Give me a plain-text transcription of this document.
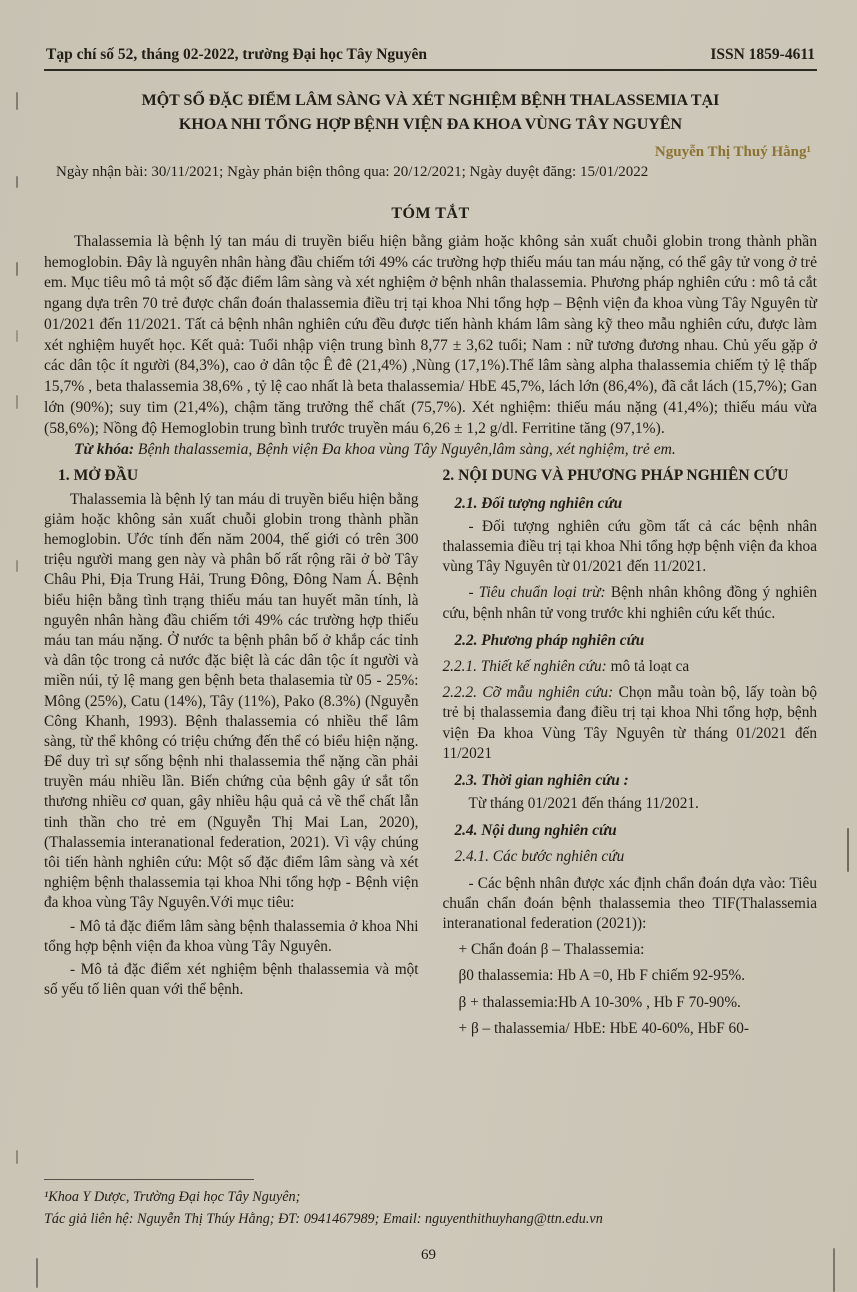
Tạp chí số 52, tháng 02-2022, trường Đại học Tây Nguyên	ISSN 1859-4611
MỘT SỐ ĐẶC ĐIỂM LÂM SÀNG VÀ XÉT NGHIỆM BỆNH THALASSEMIA TẠI
KHOA NHI TỔNG HỢP BỆNH VIỆN ĐA KHOA VÙNG TÂY NGUYÊN
Nguyễn Thị Thuý Hằng¹
Ngày nhận bài: 30/11/2021; Ngày phản biện thông qua: 20/12/2021; Ngày duyệt đăng: 15/01/2022
TÓM TẮT

Thalassemia là bệnh lý tan máu di truyền biểu hiện bằng giảm hoặc không sản xuất chuỗi globin trong thành phần hemoglobin. Đây là nguyên nhân hàng đầu chiếm tới 49% các trường hợp thiếu máu tan máu nặng, có thể gây tử vong ở trẻ em. Mục tiêu mô tả một số đặc điểm lâm sàng và xét nghiệm ở bệnh nhân thalassemia. Phương pháp nghiên cứu : mô tả cắt ngang dựa trên 70 trẻ được chẩn đoán thalassemia điều trị tại khoa Nhi tổng hợp – Bệnh viện đa khoa vùng Tây Nguyên từ 01/2021 đến 11/2021. Tất cả bệnh nhân nghiên cứu đều được tiến hành khám lâm sàng kỹ theo mẫu nghiên cứu, được làm xét nghiệm huyết học. Kết quả: Tuổi nhập viện trung bình 8,77 ± 3,62 tuổi; Nam : nữ tương đương nhau. Chủ yếu gặp ở các dân tộc ít người (84,3%), cao ở dân tộc Ê đê (21,4%) ,Nùng (17,1%).Thể lâm sàng alpha thalassemia chiếm tỷ lệ thấp 15,7% , beta thalassemia 38,6% , tỷ lệ cao nhất là beta thalassemia/ HbE 45,7%, lách lớn (86,4%), đã cắt lách (15,7%); Gan lớn (90%); suy tim (21,4%), chậm tăng trưởng thể chất (75,7%). Xét nghiệm: thiếu máu nặng (41,4%); thiếu máu vừa (58,6%); Nồng độ Hemoglobin trung bình trước truyền máu 6,26 ± 1,2 g/dl. Ferritine tăng (97,1%).

Từ khóa: Bệnh thalassemia, Bệnh viện Đa khoa vùng Tây Nguyên,lâm sàng, xét nghiệm, trẻ em.

1. MỞ ĐẦU

Thalassemia là bệnh lý tan máu di truyền biểu hiện bằng giảm hoặc không sản xuất chuỗi globin trong thành phần hemoglobin. Ước tính đến năm 2004, thế giới có trên 300 triệu người mang gen này và phân bố rất rộng rãi ở bờ Tây Châu Phi, Địa Trung Hải, Trung Đông, Đông Nam Á. Bệnh biểu hiện bằng tình trạng thiếu máu tan huyết mãn tính, là nguyên nhân hàng đầu chiếm tới 49% các trường hợp thiếu máu tan máu nặng. Ở nước ta bệnh phân bố ở khắp các tỉnh và dân tộc trong cả nước đặc biệt là các dân tộc ít người và miền núi, tỷ lệ mang gen bệnh beta thalasemia từ 05 - 25%: Mông (25%), Catu (14%), Tây (11%), Pako (8.3%) (Nguyễn Công Khanh, 1993). Bệnh thalassemia có nhiều thể lâm sàng, từ thể không có triệu chứng đến thể có biểu hiện nặng. Để duy trì sự sống bệnh nhi thalassemia thể nặng cần phải truyền máu nhiều lần. Biến chứng của bệnh gây ứ sắt tổn thương nhiều cơ quan, gây nhiều hậu quả cả về thể chất lẫn tinh thần cho trẻ em (Nguyễn Thị Mai Lan, 2020), (Thalassemia interanational federation, 2021). Vì vậy chúng tôi tiến hành nghiên cứu: Một số đặc điểm lâm sàng và xét nghiệm bệnh thalassemia tại khoa Nhi tổng hợp - Bệnh viện đa khoa vùng Tây Nguyên.Với mục tiêu:

- Mô tả đặc điểm lâm sàng bệnh thalassemia ở khoa Nhi tổng hợp bệnh viện đa khoa vùng Tây Nguyên.

- Mô tả đặc điểm xét nghiệm bệnh thalassemia và một số yếu tố liên quan với thể bệnh.

2. NỘI DUNG VÀ PHƯƠNG PHÁP NGHIÊN CỨU
2.1. Đối tượng nghiên cứu

- Đối tượng nghiên cứu gồm tất cả các bệnh nhân thalassemia điều trị tại khoa Nhi tổng hợp bệnh viện đa khoa vùng Tây Nguyên từ 01/2021 đến 11/2021.

- Tiêu chuẩn loại trừ: Bệnh nhân không đồng ý nghiên cứu, bệnh nhân tử vong trước khi nghiên cứu kết thúc.

2.2. Phương pháp nghiên cứu

2.2.1. Thiết kế nghiên cứu: mô tả loạt ca

2.2.2. Cỡ mẫu nghiên cứu: Chọn mẫu toàn bộ, lấy toàn bộ trẻ bị thalassemia đang điều trị tại khoa Nhi tổng hợp, bệnh viện Đa khoa Vùng Tây Nguyên từ tháng 01/2021 đến 11/2021

2.3. Thời gian nghiên cứu :

Từ tháng 01/2021 đến tháng 11/2021.

2.4. Nội dung nghiên cứu

2.4.1. Các bước nghiên cứu

- Các bệnh nhân được xác định chẩn đoán dựa vào: Tiêu chuẩn chẩn đoán bệnh thalassemia theo TIF(Thalassemia interanational federation (2021)):

+ Chẩn đoán β – Thalassemia:

β0 thalassemia: Hb A =0, Hb F chiếm 92-95%.

β + thalassemia:Hb A 10-30% , Hb F 70-90%.

+ β – thalassemia/ HbE: HbE 40-60%, HbF 60-

¹Khoa Y Dược, Trường Đại học Tây Nguyên;

Tác giả liên hệ: Nguyễn Thị Thúy Hằng; ĐT: 0941467989; Email: nguyenthithuyhang@ttn.edu.vn

69
